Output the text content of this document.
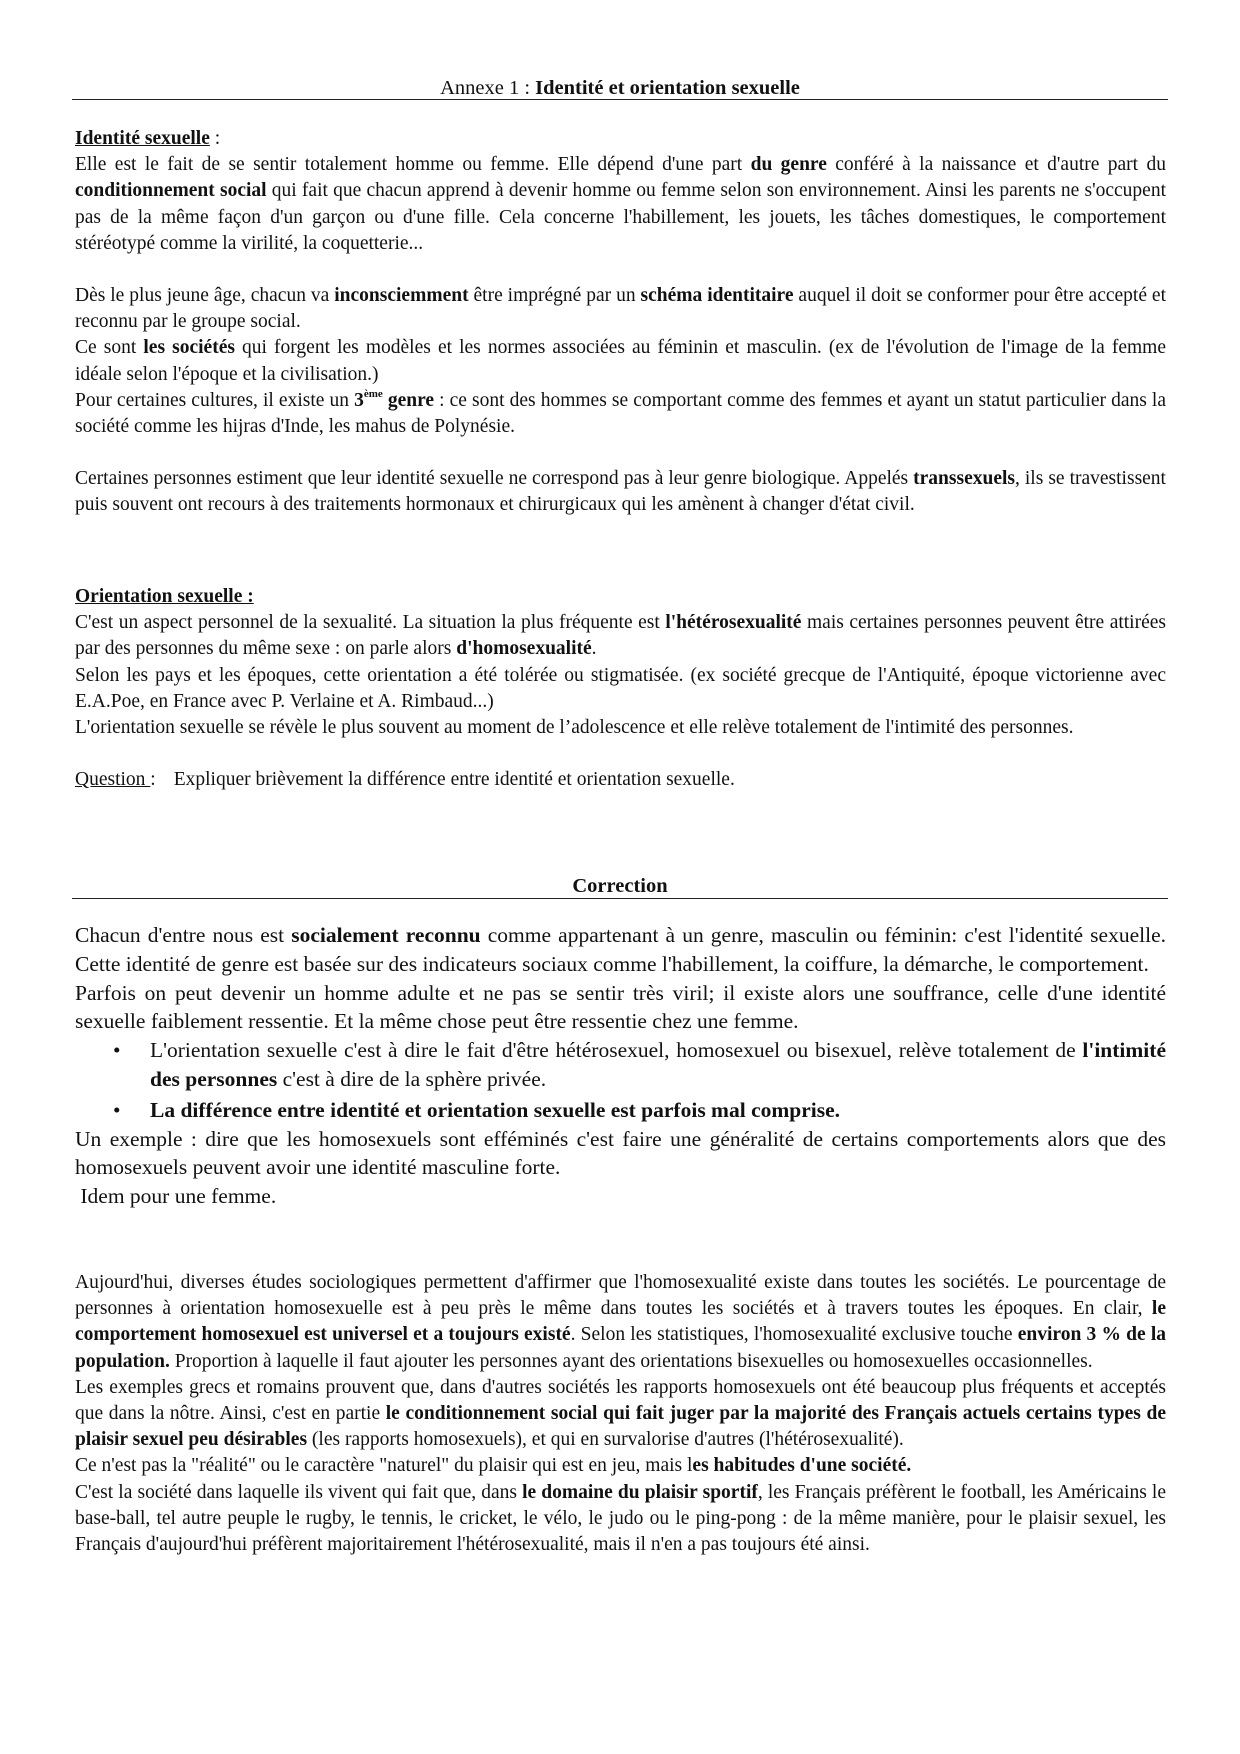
Annexe 1 : Identité et orientation sexuelle
Identité sexuelle :
Elle est le fait de se sentir totalement homme ou femme. Elle dépend d'une part du genre conféré à la naissance et d'autre part du conditionnement social qui fait que chacun apprend à devenir homme ou femme selon son environnement. Ainsi les parents ne s'occupent pas de la même façon d'un garçon ou d'une fille. Cela concerne l'habillement, les jouets, les tâches domestiques, le comportement stéréotypé comme la virilité, la coquetterie...
Dès le plus jeune âge, chacun va inconsciemment être imprégné par un schéma identitaire auquel il doit se conformer pour être accepté et reconnu par le groupe social.
Ce sont les sociétés qui forgent les modèles et les normes associées au féminin et masculin. (ex de l'évolution de l'image de la femme idéale selon l'époque et la civilisation.)
Pour certaines cultures, il existe un 3ème genre : ce sont des hommes se comportant comme des femmes et ayant un statut particulier dans la société comme les hijras d'Inde, les mahus de Polynésie.
Certaines personnes estiment que leur identité sexuelle ne correspond pas à leur genre biologique. Appelés transsexuels, ils se travestissent puis souvent ont recours à des traitements hormonaux et chirurgicaux qui les amènent à changer d'état civil.
Orientation sexuelle :
C'est un aspect personnel de la sexualité. La situation la plus fréquente est l'hétérosexualité mais certaines personnes peuvent être attirées par des personnes du même sexe : on parle alors d'homosexualité.
Selon les pays et les époques, cette orientation a été tolérée ou stigmatisée. (ex société grecque de l'Antiquité, époque victorienne avec E.A.Poe, en France avec P. Verlaine et A. Rimbaud...)
L'orientation sexuelle se révèle le plus souvent au moment de l’adolescence et elle relève totalement de l'intimité des personnes.
Question : Expliquer brièvement la différence entre identité et orientation sexuelle.
Correction
Chacun d'entre nous est socialement reconnu comme appartenant à un genre, masculin ou féminin: c'est l'identité sexuelle. Cette identité de genre est basée sur des indicateurs sociaux comme l'habillement, la coiffure, la démarche, le comportement.
Parfois on peut devenir un homme adulte et ne pas se sentir très viril; il existe alors une souffrance, celle d'une identité sexuelle faiblement ressentie. Et la même chose peut être ressentie chez une femme.
• L'orientation sexuelle c'est à dire le fait d'être hétérosexuel, homosexuel ou bisexuel, relève totalement de l'intimité des personnes c'est à dire de la sphère privée.
• La différence entre identité et orientation sexuelle est parfois mal comprise.
Un exemple : dire que les homosexuels sont efféminés c'est faire une généralité de certains comportements alors que des homosexuels peuvent avoir une identité masculine forte.
Idem pour une femme.
Aujourd'hui, diverses études sociologiques permettent d'affirmer que l'homosexualité existe dans toutes les sociétés. Le pourcentage de personnes à orientation homosexuelle est à peu près le même dans toutes les sociétés et à travers toutes les époques. En clair, le comportement homosexuel est universel et a toujours existé. Selon les statistiques, l'homosexualité exclusive touche environ 3 % de la population. Proportion à laquelle il faut ajouter les personnes ayant des orientations bisexuelles ou homosexuelles occasionnelles.
Les exemples grecs et romains prouvent que, dans d'autres sociétés les rapports homosexuels ont été beaucoup plus fréquents et acceptés que dans la nôtre. Ainsi, c'est en partie le conditionnement social qui fait juger par la majorité des Français actuels certains types de plaisir sexuel peu désirables (les rapports homosexuels), et qui en survalorise d'autres (l'hétérosexualité).
Ce n'est pas la "réalité" ou le caractère "naturel" du plaisir qui est en jeu, mais les habitudes d'une société.
C'est la société dans laquelle ils vivent qui fait que, dans le domaine du plaisir sportif, les Français préfèrent le football, les Américains le base-ball, tel autre peuple le rugby, le tennis, le cricket, le vélo, le judo ou le ping-pong : de la même manière, pour le plaisir sexuel, les Français d'aujourd'hui préfèrent majoritairement l'hétérosexualité, mais il n'en a pas toujours été ainsi.
